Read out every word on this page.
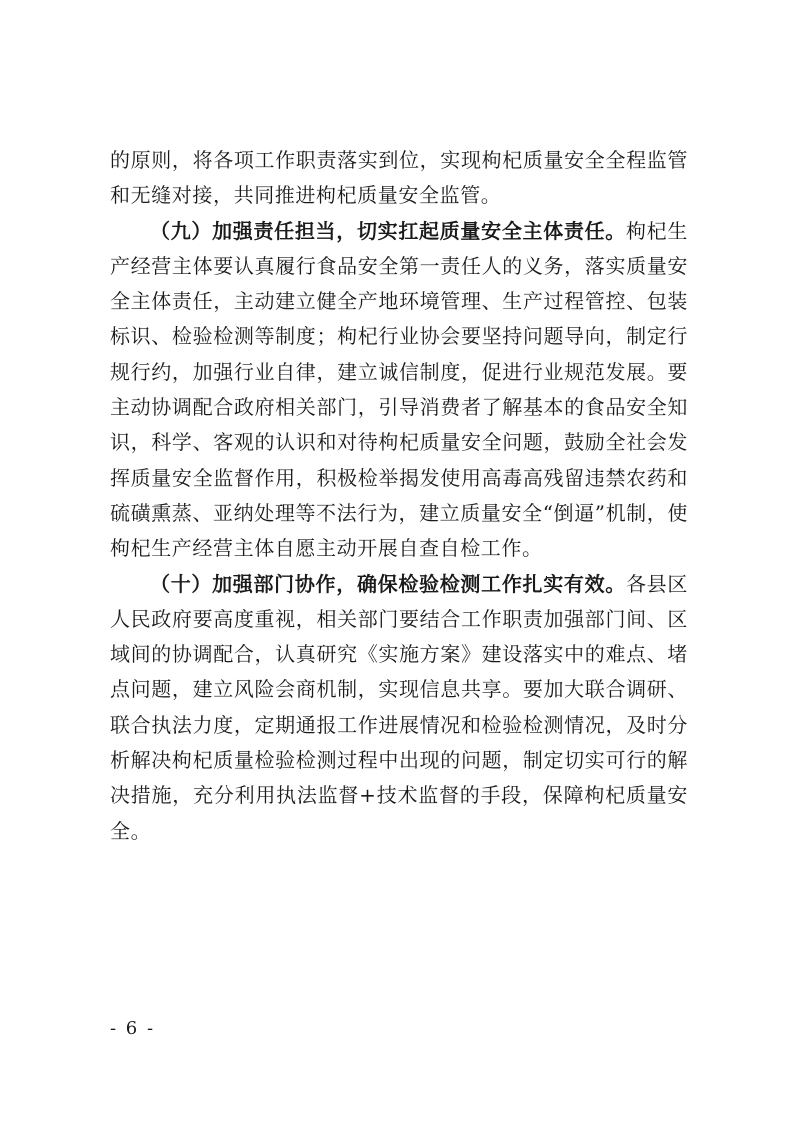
的原则，将各项工作职责落实到位，实现枸杞质量安全全程监管和无缝对接，共同推进枸杞质量安全监管。

（九）加强责任担当，切实扛起质量安全主体责任。枸杞生产经营主体要认真履行食品安全第一责任人的义务，落实质量安全主体责任，主动建立健全产地环境管理、生产过程管控、包装标识、检验检测等制度；枸杞行业协会要坚持问题导向，制定行规行约，加强行业自律，建立诚信制度，促进行业规范发展。要主动协调配合政府相关部门，引导消费者了解基本的食品安全知识，科学、客观的认识和对待枸杞质量安全问题，鼓励全社会发挥质量安全监督作用，积极检举揭发使用高毒高残留违禁农药和硫磺熏蒸、亚纳处理等不法行为，建立质量安全“倒逼”机制，使枸杞生产经营主体自愿主动开展自查自检工作。

（十）加强部门协作，确保检验检测工作扎实有效。各县区人民政府要高度重视，相关部门要结合工作职责加强部门间、区域间的协调配合，认真研究《实施方案》建设落实中的难点、堵点问题，建立风险会商机制，实现信息共享。要加大联合调研、联合执法力度，定期通报工作进展情况和检验检测情况，及时分析解决枸杞质量检验检测过程中出现的问题，制定切实可行的解决措施，充分利用执法监督+技术监督的手段，保障枸杞质量安全。

- 6 -
